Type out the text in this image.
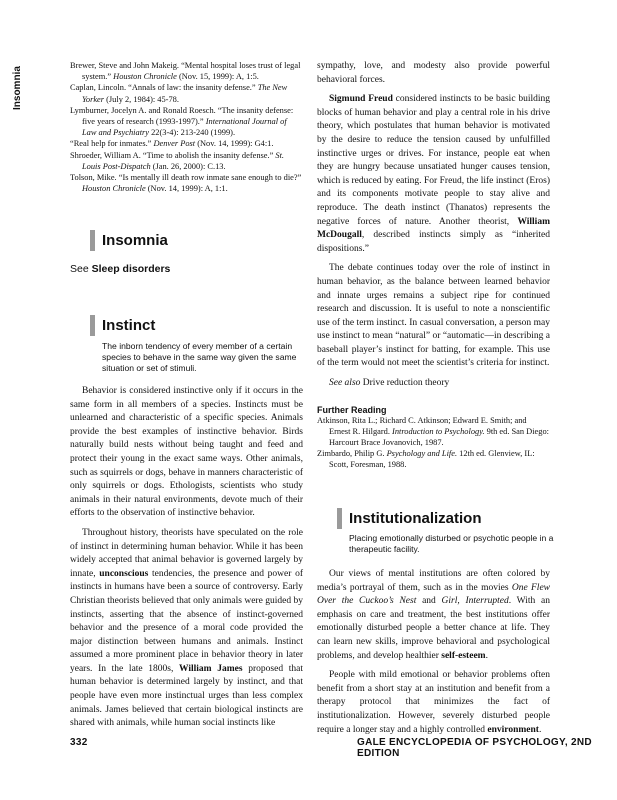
Insomnia

Brewer, Steve and John Makeig. “Mental hospital loses trust of legal system.” Houston Chronicle (Nov. 15, 1999): A, 1:5.

Caplan, Lincoln. “Annals of law: the insanity defense.” The New Yorker (July 2, 1984): 45-78.

Lymburner, Jocelyn A. and Ronald Roesch. “The insanity defense: five years of research (1993-1997).” International Journal of Law and Psychiatry 22(3-4): 213-240 (1999).

“Real help for inmates.” Denver Post (Nov. 14, 1999): G4:1.

Shroeder, William A. “Time to abolish the insanity defense.” St. Louis Post-Dispatch (Jan. 26, 2000): C.13.

Tolson, Mike. “Is mentally ill death row inmate sane enough to die?” Houston Chronicle (Nov. 14, 1999): A, 1:1.

Insomnia
See Sleep disorders
Instinct
The inborn tendency of every member of a certain species to behave in the same way given the same situation or set of stimuli.

Behavior is considered instinctive only if it occurs in the same form in all members of a species. Instincts must be unlearned and characteristic of a specific species. Animals provide the best examples of instinctive behavior. Birds naturally build nests without being taught and feed and protect their young in the exact same ways. Other animals, such as squirrels or dogs, behave in manners characteristic of only squirrels or dogs. Ethologists, scientists who study animals in their natural environments, devote much of their efforts to the observation of instinctive behavior.

Throughout history, theorists have speculated on the role of instinct in determining human behavior. While it has been widely accepted that animal behavior is governed largely by innate, unconscious tendencies, the presence and power of instincts in humans have been a source of controversy. Early Christian theorists believed that only animals were guided by instincts, asserting that the absence of instinct-governed behavior and the presence of a moral code provided the major distinction between humans and animals. Instinct assumed a more prominent place in behavior theory in later years. In the late 1800s, William James proposed that human behavior is determined largely by instinct, and that people have even more instinctual urges than less complex animals. James believed that certain biological instincts are shared with animals, while human social instincts like

sympathy, love, and modesty also provide powerful behavioral forces.

Sigmund Freud considered instincts to be basic building blocks of human behavior and play a central role in his drive theory, which postulates that human behavior is motivated by the desire to reduce the tension caused by unfulfilled instinctive urges or drives. For instance, people eat when they are hungry because unsatiated hunger causes tension, which is reduced by eating. For Freud, the life instinct (Eros) and its components motivate people to stay alive and reproduce. The death instinct (Thanatos) represents the negative forces of nature. Another theorist, William McDougall, described instincts simply as “inherited dispositions.”

The debate continues today over the role of instinct in human behavior, as the balance between learned behavior and innate urges remains a subject ripe for continued research and discussion. It is useful to note a nonscientific use of the term instinct. In casual conversation, a person may use instinct to mean “natural” or “automatic—in describing a baseball player’s instinct for batting, for example. This use of the term would not meet the scientist’s criteria for instinct.

See also Drive reduction theory

Further Reading

Atkinson, Rita L.; Richard C. Atkinson; Edward E. Smith; and Ernest R. Hilgard. Introduction to Psychology. 9th ed. San Diego: Harcourt Brace Jovanovich, 1987.

Zimbardo, Philip G. Psychology and Life. 12th ed. Glenview, IL: Scott, Foresman, 1988.

Institutionalization
Placing emotionally disturbed or psychotic people in a therapeutic facility.

Our views of mental institutions are often colored by media’s portrayal of them, such as in the movies One Flew Over the Cuckoo’s Nest and Girl, Interrupted. With an emphasis on care and treatment, the best institutions offer emotionally disturbed people a better chance at life. They can learn new skills, improve behavioral and psychological problems, and develop healthier self-esteem.

People with mild emotional or behavior problems often benefit from a short stay at an institution and benefit from a therapy protocol that minimizes the fact of institutionalization. However, severely disturbed people require a longer stay and a highly controlled environment.

332	GALE ENCYCLOPEDIA OF PSYCHOLOGY, 2ND EDITION
